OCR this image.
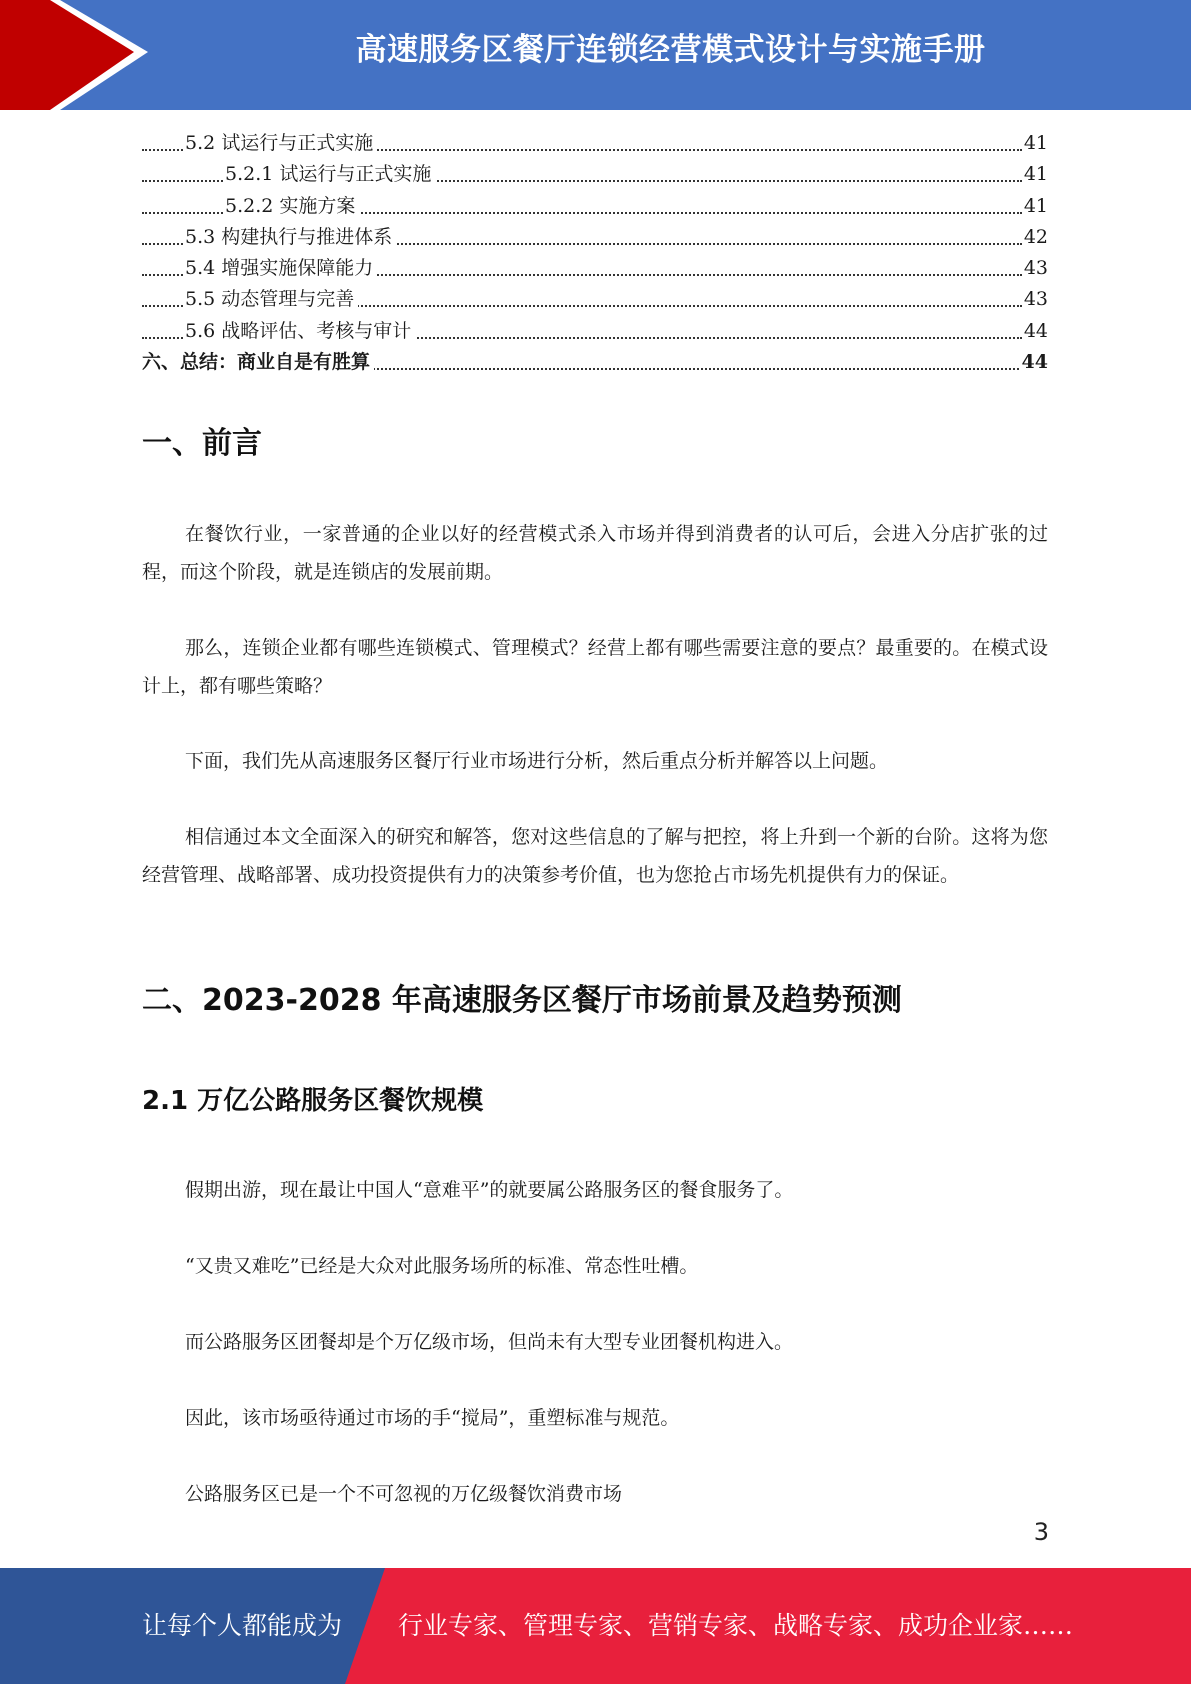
高速服务区餐厅连锁经营模式设计与实施手册
5.2 试运行与正式实施	41
5.2.1 试运行与正式实施	41
5.2.2 实施方案	41
5.3 构建执行与推进体系	42
5.4 增强实施保障能力	43
5.5 动态管理与完善	43
5.6 战略评估、考核与审计	44
六、总结：商业自是有胜算	44
一、前言

在餐饮行业，一家普通的企业以好的经营模式杀入市场并得到消费者的认可后，会进入分店扩张的过程，而这个阶段，就是连锁店的发展前期。

那么，连锁企业都有哪些连锁模式、管理模式？经营上都有哪些需要注意的要点？最重要的。在模式设计上，都有哪些策略？

下面，我们先从高速服务区餐厅行业市场进行分析，然后重点分析并解答以上问题。

相信通过本文全面深入的研究和解答，您对这些信息的了解与把控，将上升到一个新的台阶。这将为您经营管理、战略部署、成功投资提供有力的决策参考价值，也为您抢占市场先机提供有力的保证。

二、2023-2028 年高速服务区餐厅市场前景及趋势预测
2.1 万亿公路服务区餐饮规模

假期出游，现在最让中国人“意难平”的就要属公路服务区的餐食服务了。

“又贵又难吃”已经是大众对此服务场所的标准、常态性吐槽。

而公路服务区团餐却是个万亿级市场，但尚未有大型专业团餐机构进入。

因此，该市场亟待通过市场的手“搅局”，重塑标准与规范。

公路服务区已是一个不可忽视的万亿级餐饮消费市场

3
让每个人都能成为 行业专家、管理专家、营销专家、战略专家、成功企业家……
